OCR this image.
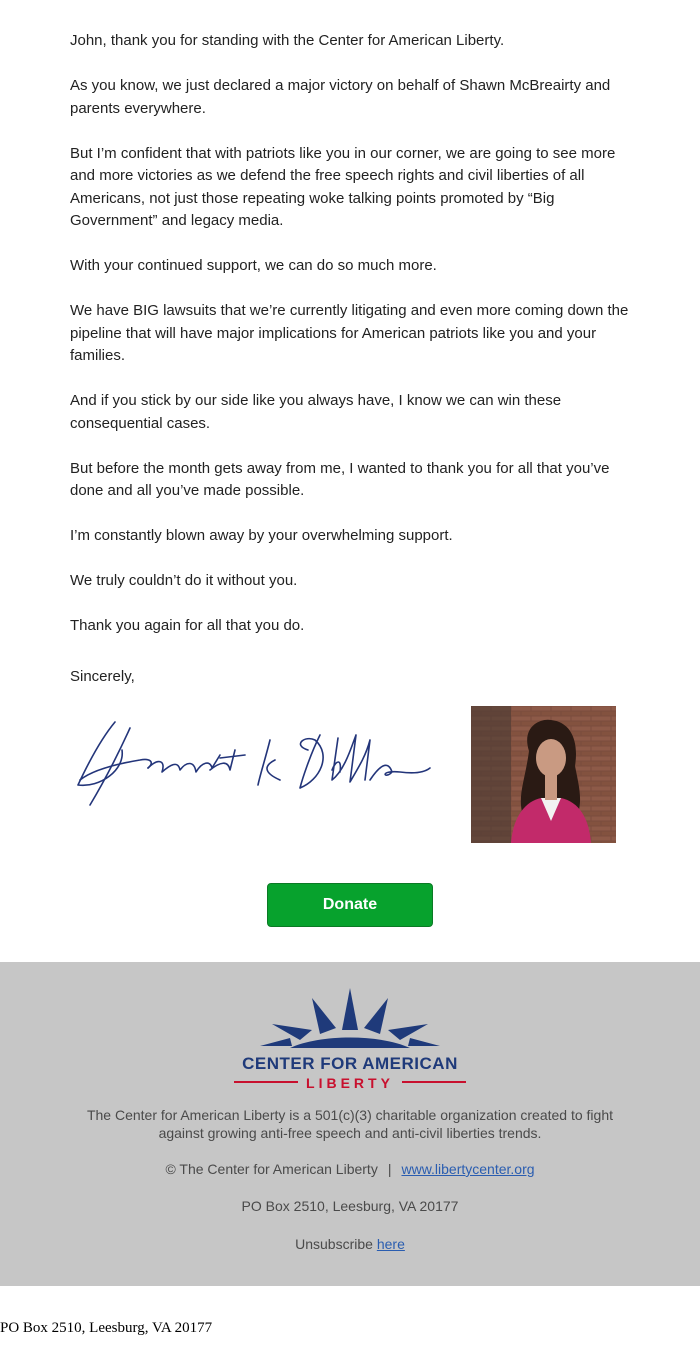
John, thank you for standing with the Center for American Liberty.

As you know, we just declared a major victory on behalf of Shawn McBreairty and parents everywhere.

But I’m confident that with patriots like you in our corner, we are going to see more and more victories as we defend the free speech rights and civil liberties of all Americans, not just those repeating woke talking points promoted by “Big Government” and legacy media.

With your continued support, we can do so much more.

We have BIG lawsuits that we’re currently litigating and even more coming down the pipeline that will have major implications for American patriots like you and your families.

And if you stick by our side like you always have, I know we can win these consequential cases.

But before the month gets away from me, I wanted to thank you for all that you’ve done and all you’ve made possible.

I’m constantly blown away by your overwhelming support.

We truly couldn’t do it without you.

Thank you again for all that you do.

Sincerely,

Donate
CENTER FOR AMERICAN
LIBERTY
The Center for American Liberty is a 501(c)(3) charitable organization created to fight against growing anti-free speech and anti-civil liberties trends.
© The Center for American Liberty | www.libertycenter.org
PO Box 2510, Leesburg, VA 20177
Unsubscribe here
PO Box 2510, Leesburg, VA 20177
